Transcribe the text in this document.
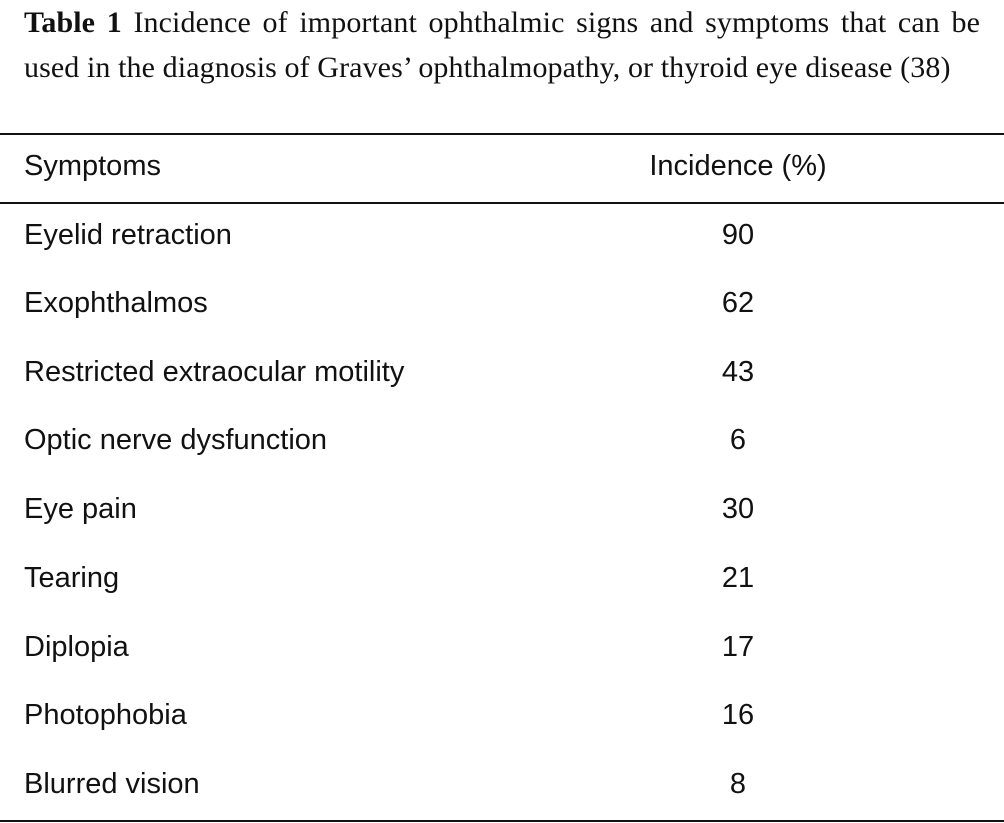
Table 1 Incidence of important ophthalmic signs and symptoms that can be used in the diagnosis of Graves’ ophthalmopathy, or thyroid eye disease (38)
Symptoms	Incidence (%)
Eyelid retraction	90
Exophthalmos	62
Restricted extraocular motility	43
Optic nerve dysfunction	6
Eye pain	30
Tearing	21
Diplopia	17
Photophobia	16
Blurred vision	8
